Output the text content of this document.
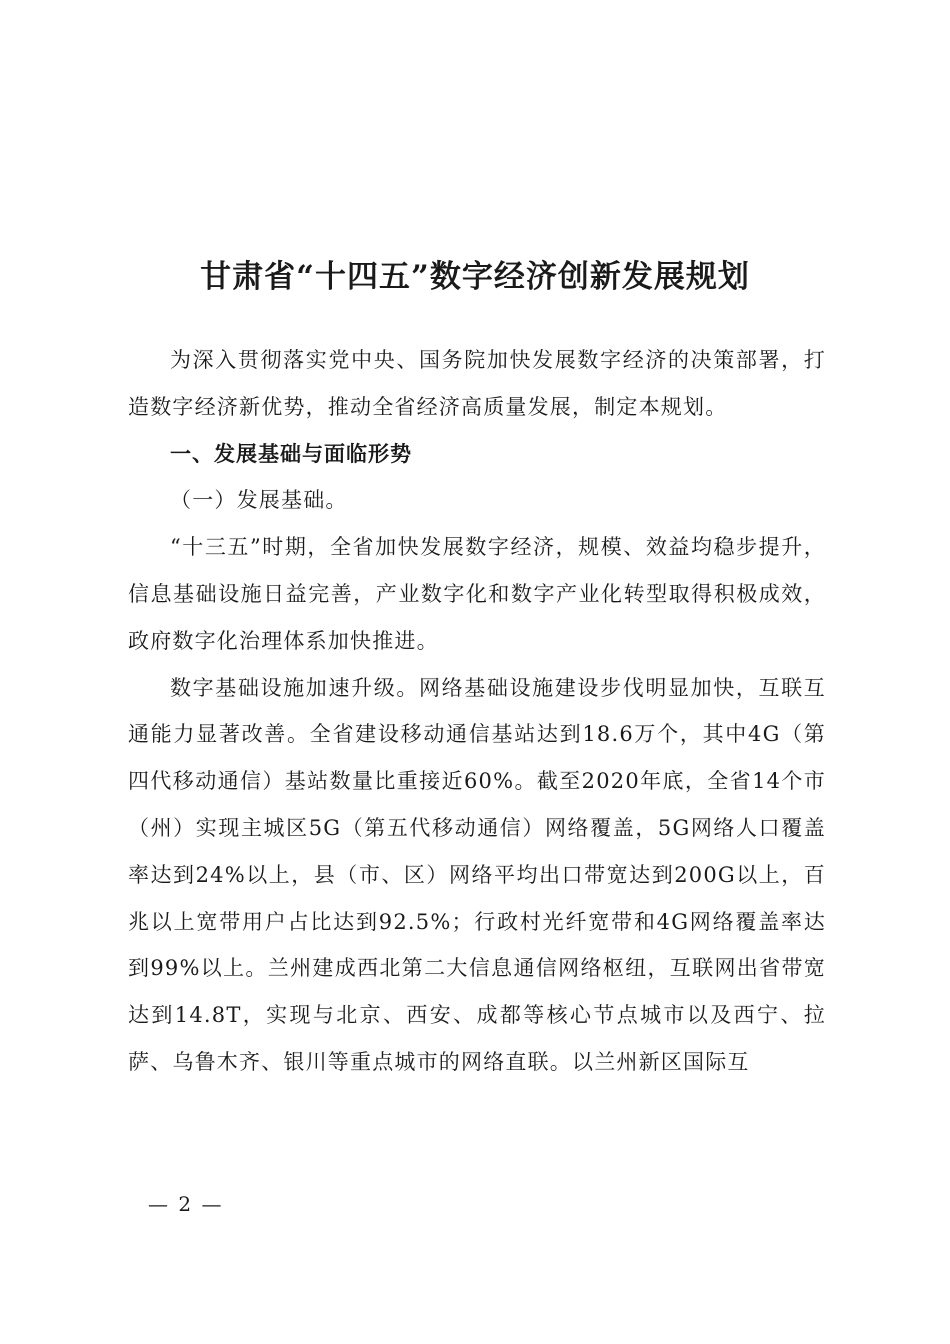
甘肃省“十四五”数字经济创新发展规划

为深入贯彻落实党中央、国务院加快发展数字经济的决策部署，打造数字经济新优势，推动全省经济高质量发展，制定本规划。

一、发展基础与面临形势

（一）发展基础。

“十三五”时期，全省加快发展数字经济，规模、效益均稳步提升，信息基础设施日益完善，产业数字化和数字产业化转型取得积极成效，政府数字化治理体系加快推进。

数字基础设施加速升级。网络基础设施建设步伐明显加快，互联互通能力显著改善。全省建设移动通信基站达到18.6万个，其中4G（第四代移动通信）基站数量比重接近60%。截至2020年底，全省14个市（州）实现主城区5G（第五代移动通信）网络覆盖，5G网络人口覆盖率达到24%以上，县（市、区）网络平均出口带宽达到200G以上，百兆以上宽带用户占比达到92.5%；行政村光纤宽带和4G网络覆盖率达到99%以上。兰州建成西北第二大信息通信网络枢纽，互联网出省带宽达到14.8T，实现与北京、西安、成都等核心节点城市以及西宁、拉萨、乌鲁木齐、银川等重点城市的网络直联。以兰州新区国际互

— 2 —
